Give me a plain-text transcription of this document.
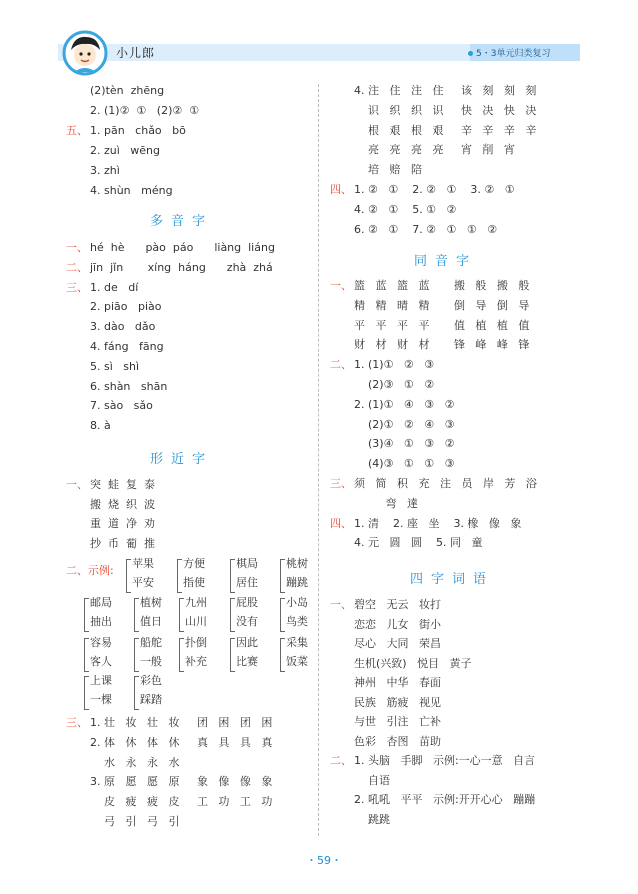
小儿郎	5・3单元归类复习
(2)tèn  zhēng
2. (1)②  ①   (2)②  ①
五、 1. pān   chǎo   bō
2. zuì   wēng
3. zhì
4. shùn   méng
多音字
一、 hé  hè      pào  páo      liàng  liáng
二、 jīn  jǐn       xíng  háng      zhà  zhá
三、 1. de   dí
2. piāo   piào
3. dào   dǎo
4. fáng   fāng
5. sì   shì
6. shàn   shān
7. sào   sǎo
8. à
形近字
一、 突  蛙  复  泰
搬  烧  织  波
重  道  净  劝
抄  币  葡  推
二、示例:
苹果
平安
方便
指使
棋局
居住
桃树
蹦跳
邮局
抽出
植树
值日
九州
山川
屁股
没有
小岛
鸟类
容易
客人
船舵
一般
扑倒
补充
因此
比赛
采集
饭菜
上课
一棵
彩色
踩踏
三、 1. 壮   妆   壮   妆     团   困   团   困
2. 体   休   体   休     真   具   具   真
水   永   永   水
3. 原   愿   愿   原     象   像   像   象
皮   疲   疲   皮     工   功   工   功
弓   引   弓   引
4. 注   住   注   住     该   刻   刻   刻
识   织   织   识     快   决   快   决
根   艰   根   艰     辛   辛   辛   辛
亮   亮   亮   亮     宵   削   宵
培   赔   陪
四、 1. ②   ①    2. ②   ①    3. ②   ①
4. ②   ①    5. ①   ②
6. ②   ①    7. ②   ①   ①   ②
同音字
一、 篮   蓝   篮   蓝       搬   般   搬   般
精   精   晴   精       倒   导   倒   导
平   平   平   平       值   植   植   值
财   材   财   材       锋   峰   峰   锋
二、 1. (1)①   ②   ③
(2)③   ①   ②
2. (1)①   ④   ③   ②
(2)①   ②   ④   ③
(3)④   ①   ③   ②
(4)③   ①   ①   ③
三、 须   简   积   充   注   员   岸   芳   浴
弯   達
四、 1. 清    2. 座   坐    3. 橡   像   象
4. 元   圆   圆    5. 同   童
四字词语
一、 碧空   无云   妆打
恋恋   儿女   街小
尽心   大同   荣昌
生机(兴致)   悦目   黄子
神州   中华   春面
民族   筋疲   视见
与世   引注   亡补
色彩   杏图   苗助
二、 1. 头脑   手脚   示例:一心一意   自言
自语
2. 吼吼   平平   示例:开开心心   蹦蹦
跳跳
・59・
